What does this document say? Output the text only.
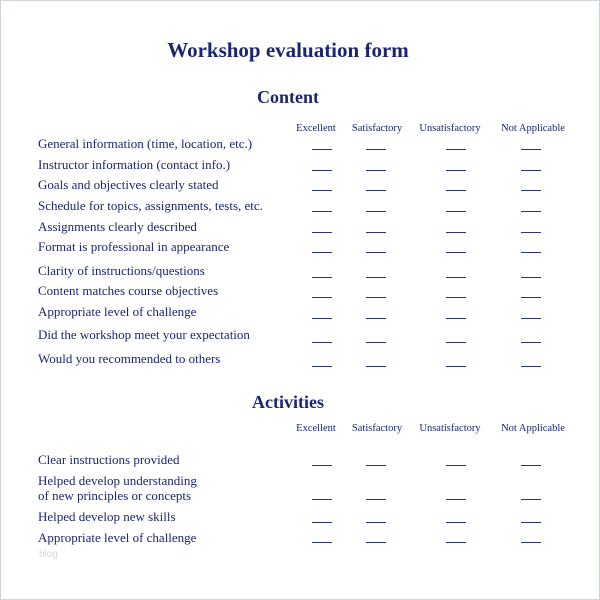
Workshop evaluation form
Content
Excellent Satisfactory Unsatisfactory Not Applicable
General information (time, location, etc.)
Instructor information (contact info.)
Goals and objectives clearly stated
Schedule for topics, assignments, tests, etc.
Assignments clearly described
Format is professional in appearance
Clarity of instructions/questions
Content matches course objectives
Appropriate level of challenge
Did the workshop meet your expectation
Would you recommended to others
Activities
Excellent Satisfactory Unsatisfactory Not Applicable
Clear instructions provided
Helped develop understanding
of new principles or concepts
Helped develop new skills
Appropriate level of challenge
blog
